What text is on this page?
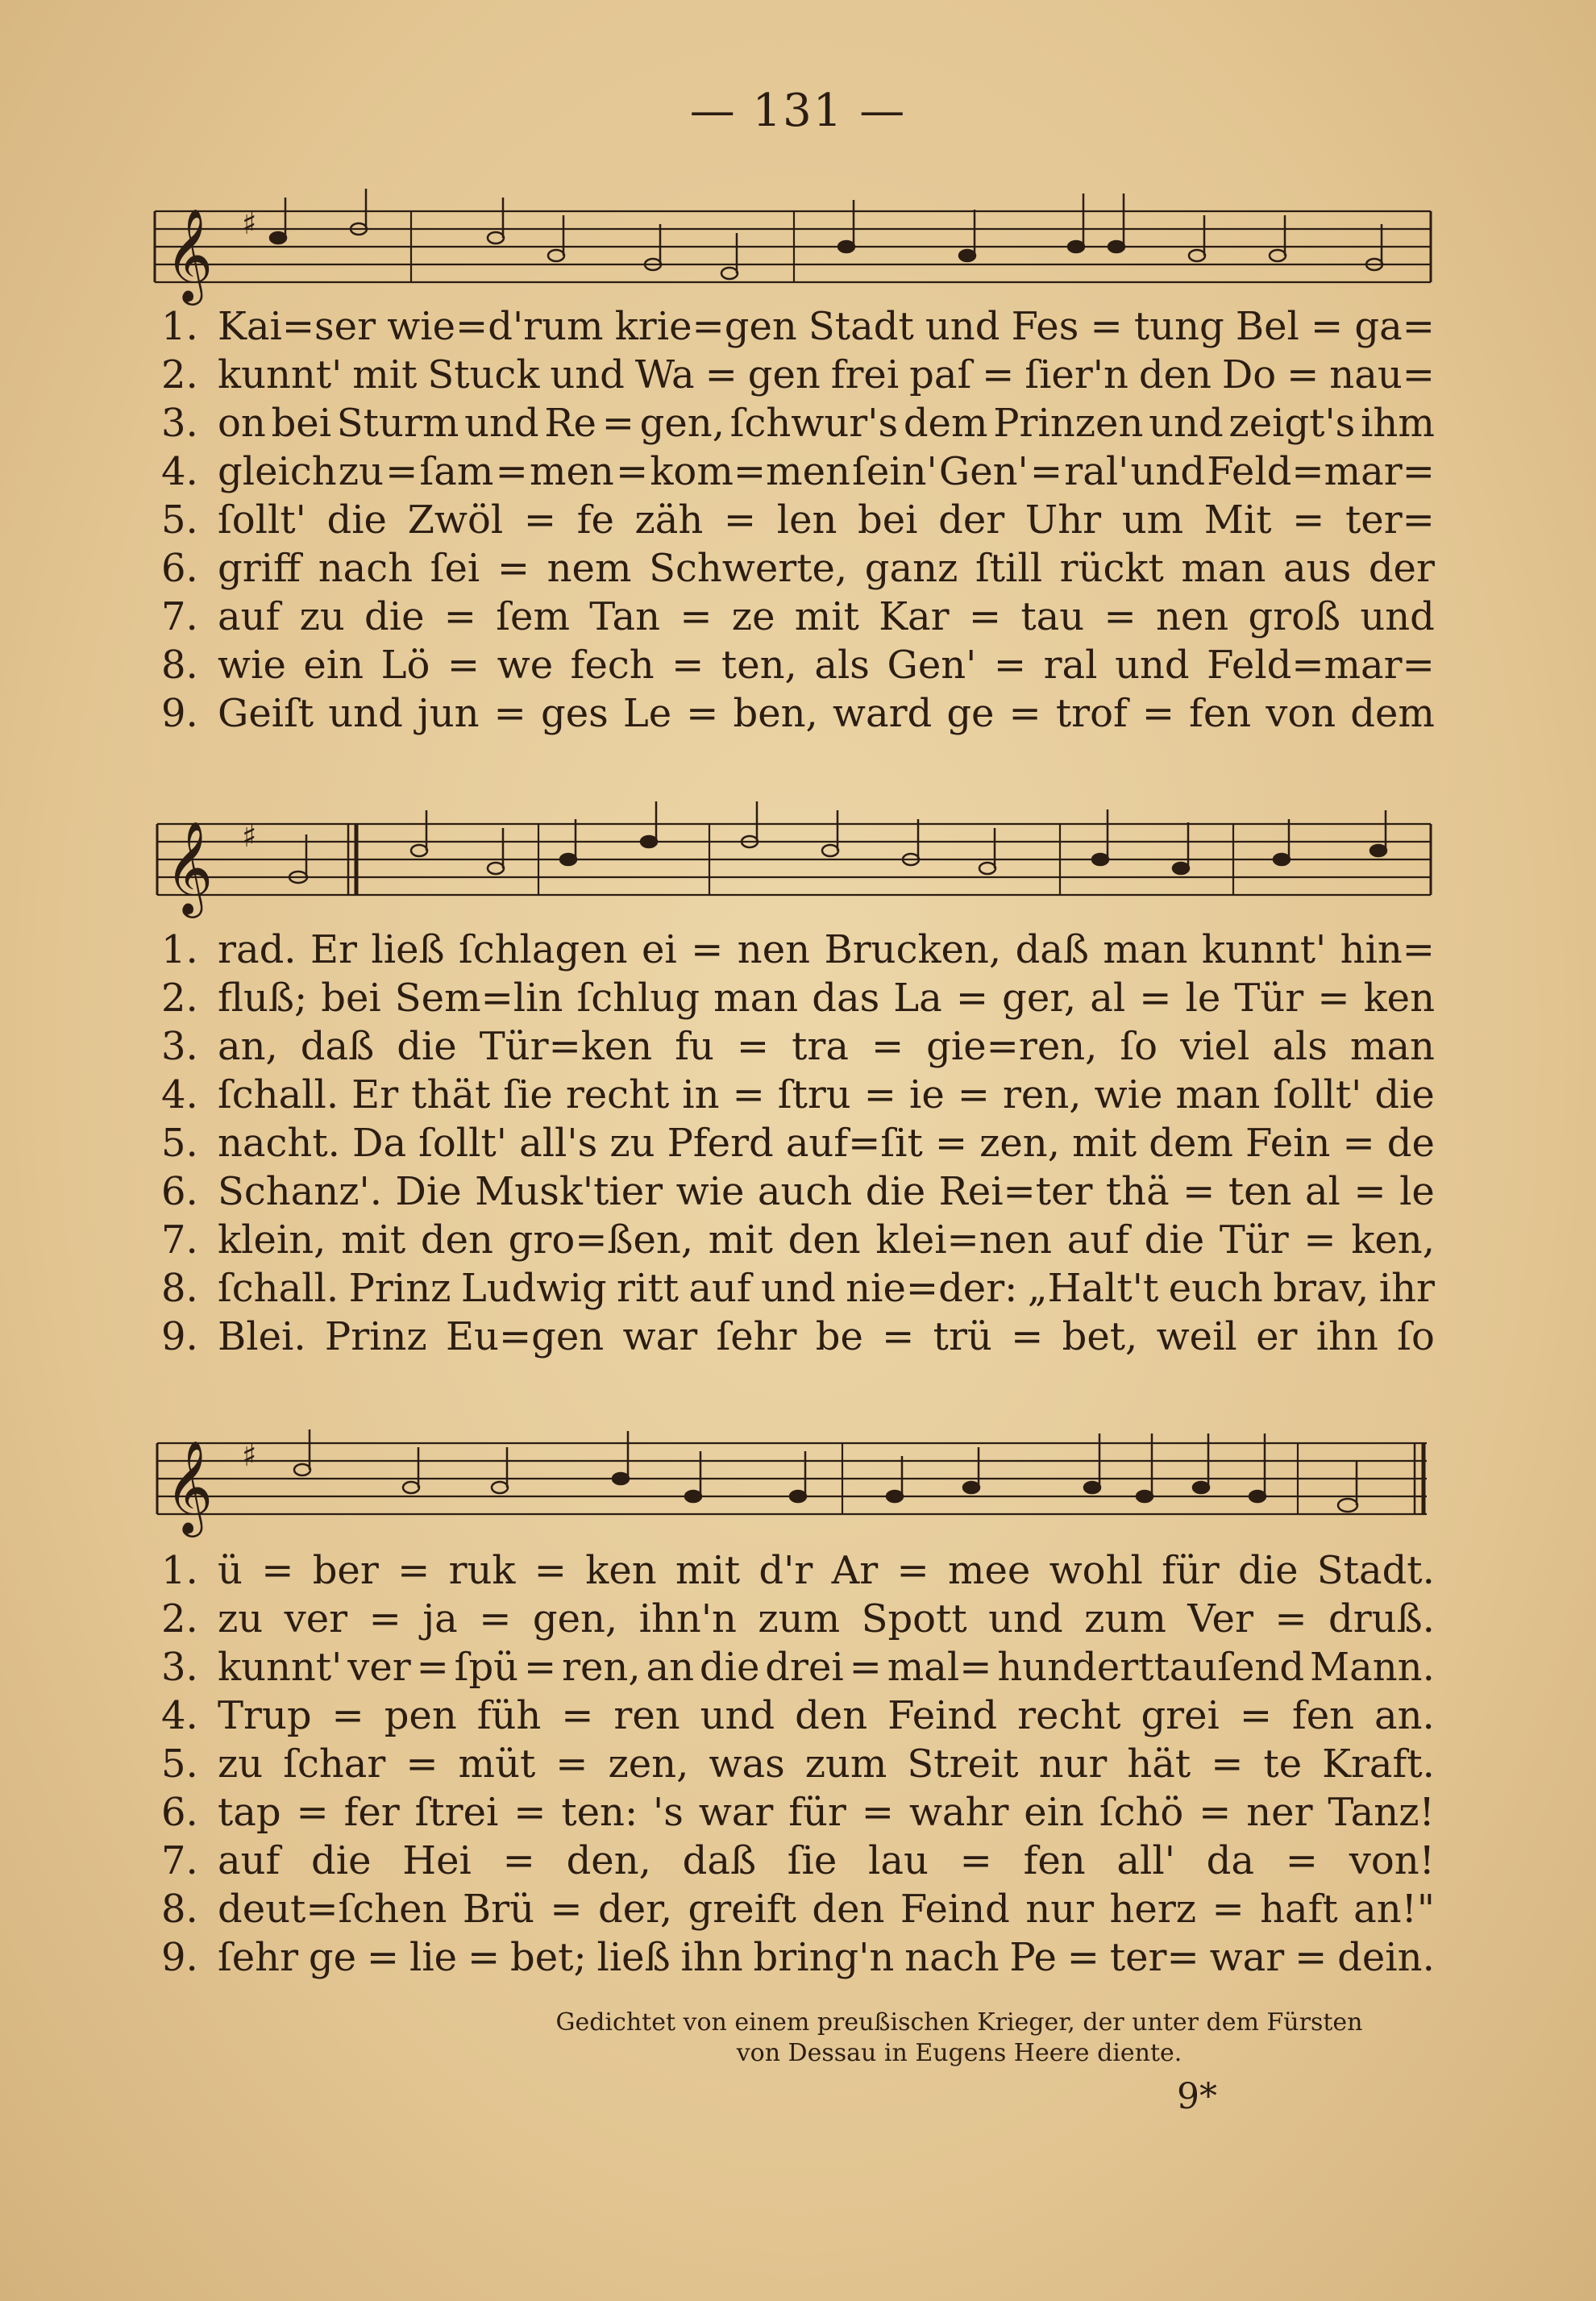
— 131 —
𝄞 ♯
𝄞 ♯
𝄞 ♯
1. Kai=ser wie=d'rum krie=gen Stadt und Fes = tung Bel = ga=
2. kunnt' mit Stuck und Wa = gen frei paſ = ſier'n den Do = nau=
3. on bei Sturm und Re = gen, ſchwur's dem Prinzen und zeigt's ihm
4. gleich zu = ſam = men = kom=men ſein' Gen' = ral' und Feld=mar=
5. ſollt' die Zwöl = fe zäh = len bei der Uhr um Mit = ter=
6. griff nach ſei = nem Schwerte, ganz ſtill rückt man aus der
7. auf zu die = ſem Tan = ze mit Kar = tau = nen groß und
8. wie ein Lö = we fech = ten, als Gen' = ral und Feld=mar=
9. Geiſt und jun = ges Le = ben, ward ge = trof = fen von dem
1. rad. Er ließ ſchlagen ei = nen Brucken, daß man kunnt' hin=
2. fluß; bei Sem=lin ſchlug man das La = ger, al = le Tür = ken
3. an, daß die Tür=ken fu = tra = gie=ren, ſo viel als man
4. ſchall. Er thät ſie recht in = ſtru = ie = ren, wie man ſollt' die
5. nacht. Da ſollt' all's zu Pferd auf=ſit = zen, mit dem Fein = de
6. Schanz'. Die Musk'tier wie auch die Rei=ter thä = ten al = le
7. klein, mit den gro=ßen, mit den klei=nen auf die Tür = ken,
8. ſchall. Prinz Ludwig ritt auf und nie=der: „Halt't euch brav, ihr
9. Blei. Prinz Eu=gen war ſehr be = trü = bet, weil er ihn ſo
1. ü = ber = ruk = ken mit d'r Ar = mee wohl für die Stadt.
2. zu ver = ja = gen, ihn'n zum Spott und zum Ver = druß.
3. kunnt' ver = ſpü = ren, an die drei = mal= hunderttauſend Mann.
4. Trup = pen füh = ren und den Feind recht grei = fen an.
5. zu ſchar = müt = zen, was zum Streit nur hät = te Kraft.
6. tap = fer ſtrei = ten: 's war für = wahr ein ſchö = ner Tanz!
7. auf die Hei = den, daß ſie lau = fen all' da = von!
8. deut=ſchen Brü = der, greift den Feind nur herz = haft an!"
9. ſehr ge = lie = bet; ließ ihn bring'n nach Pe = ter= war = dein.
Gedichtet von einem preußischen Krieger, der unter dem Fürsten
von Dessau in Eugens Heere diente.
9*
